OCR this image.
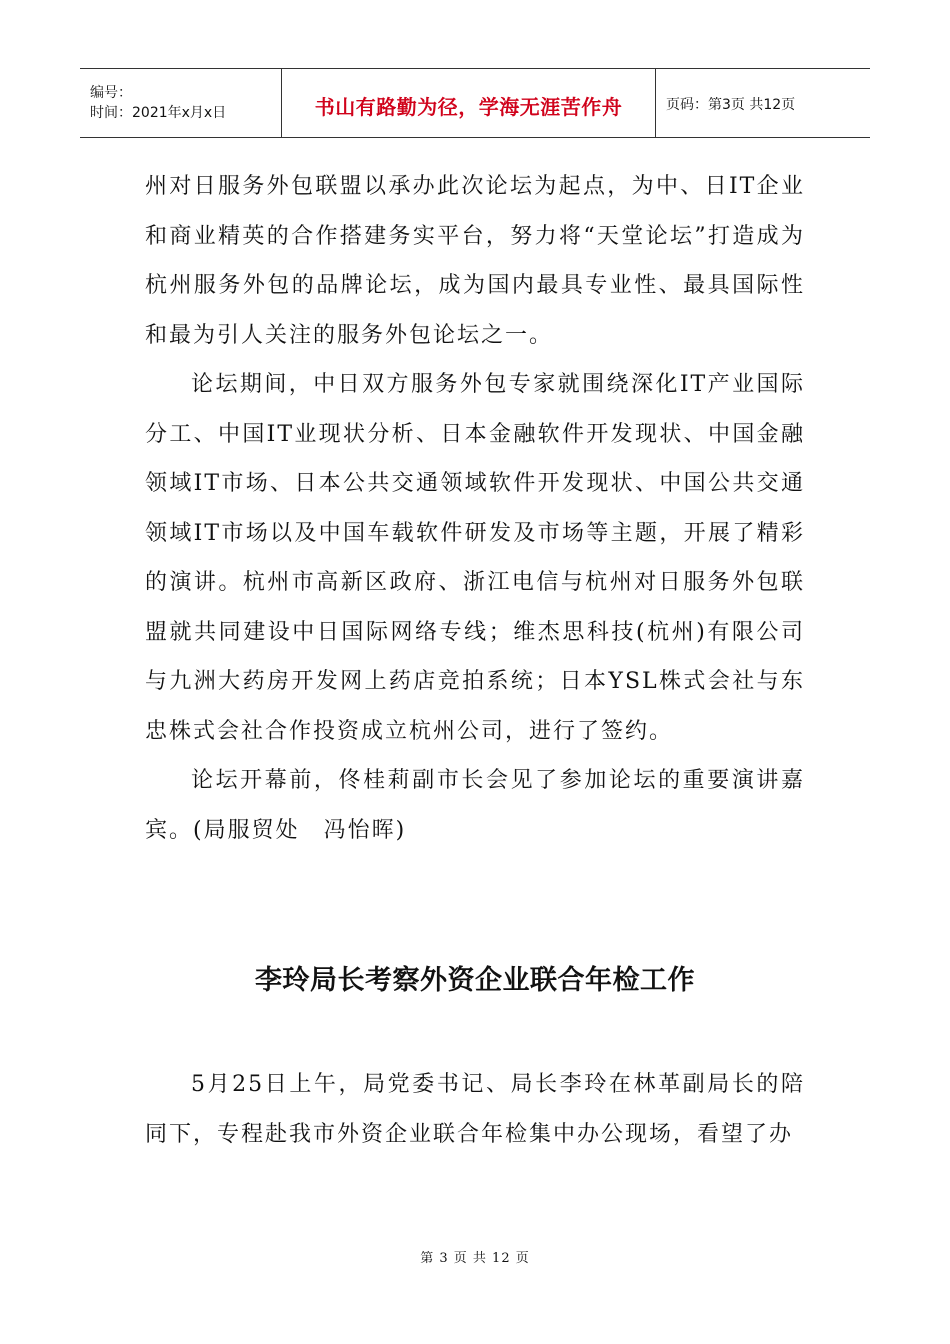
编号：
时间：2021年x月x日	书山有路勤为径，学海无涯苦作舟	页码：第3页 共12页

州对日服务外包联盟以承办此次论坛为起点，为中、日IT企业和商业精英的合作搭建务实平台，努力将“天堂论坛”打造成为杭州服务外包的品牌论坛，成为国内最具专业性、最具国际性和最为引人关注的服务外包论坛之一。

论坛期间，中日双方服务外包专家就围绕深化IT产业国际分工、中国IT业现状分析、日本金融软件开发现状、中国金融领域IT市场、日本公共交通领域软件开发现状、中国公共交通领域IT市场以及中国车载软件研发及市场等主题，开展了精彩的演讲。杭州市高新区政府、浙江电信与杭州对日服务外包联盟就共同建设中日国际网络专线；维杰思科技(杭州)有限公司与九洲大药房开发网上药店竞拍系统；日本YSL株式会社与东忠株式会社合作投资成立杭州公司，进行了签约。

论坛开幕前，佟桂莉副市长会见了参加论坛的重要演讲嘉宾。(局服贸处　冯怡晖)

李玲局长考察外资企业联合年检工作

5月25日上午，局党委书记、局长李玲在林革副局长的陪同下，专程赴我市外资企业联合年检集中办公现场，看望了办

第 3 页 共 12 页
